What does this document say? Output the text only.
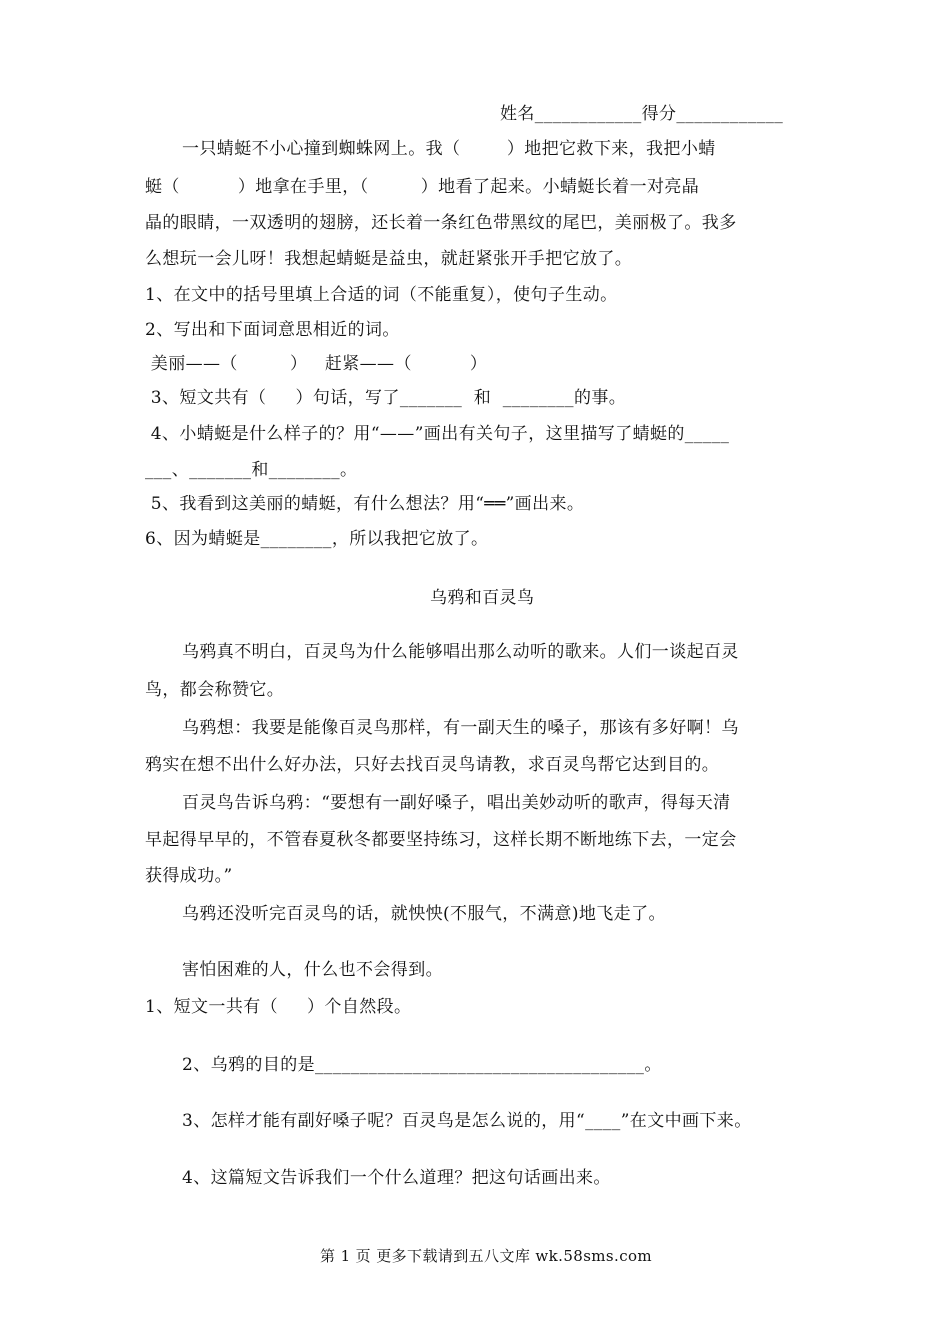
姓名____________得分____________
一只蜻蜓不小心撞到蜘蛛网上。我（        ）地把它救下来，我把小蜻
蜓（          ）地拿在手里，（         ）地看了起来。小蜻蜓长着一对亮晶
晶的眼睛，一双透明的翅膀，还长着一条红色带黑纹的尾巴，美丽极了。我多
么想玩一会儿呀！我想起蜻蜓是益虫，就赶紧张开手把它放了。
1、在文中的括号里填上合适的词（不能重复），使句子生动。
2、写出和下面词意思相近的词。
美丽——（         ）   赶紧——（          ）
3、短文共有（     ）句话，写了_______  和  ________的事。
4、小蜻蜓是什么样子的？用“——”画出有关句子，这里描写了蜻蜓的_____
___、_______和________。
5、我看到这美丽的蜻蜓，有什么想法？用“══”画出来。
6、因为蜻蜓是________，所以我把它放了。
乌鸦和百灵鸟
乌鸦真不明白，百灵鸟为什么能够唱出那么动听的歌来。人们一谈起百灵
鸟，都会称赞它。
乌鸦想：我要是能像百灵鸟那样，有一副天生的嗓子，那该有多好啊！乌
鸦实在想不出什么好办法，只好去找百灵鸟请教，求百灵鸟帮它达到目的。
百灵鸟告诉乌鸦：“要想有一副好嗓子，唱出美妙动听的歌声，得每天清
早起得早早的，不管春夏秋冬都要坚持练习，这样长期不断地练下去，一定会
获得成功。”
乌鸦还没听完百灵鸟的话，就怏怏(不服气，不满意)地飞走了。
害怕困难的人，什么也不会得到。
1、短文一共有（     ）个自然段。
2、乌鸦的目的是_____________________________________。
3、怎样才能有副好嗓子呢？百灵鸟是怎么说的，用“____”在文中画下来。
4、这篇短文告诉我们一个什么道理？把这句话画出来。
第 1 页 更多下载请到五八文库 wk.58sms.com
